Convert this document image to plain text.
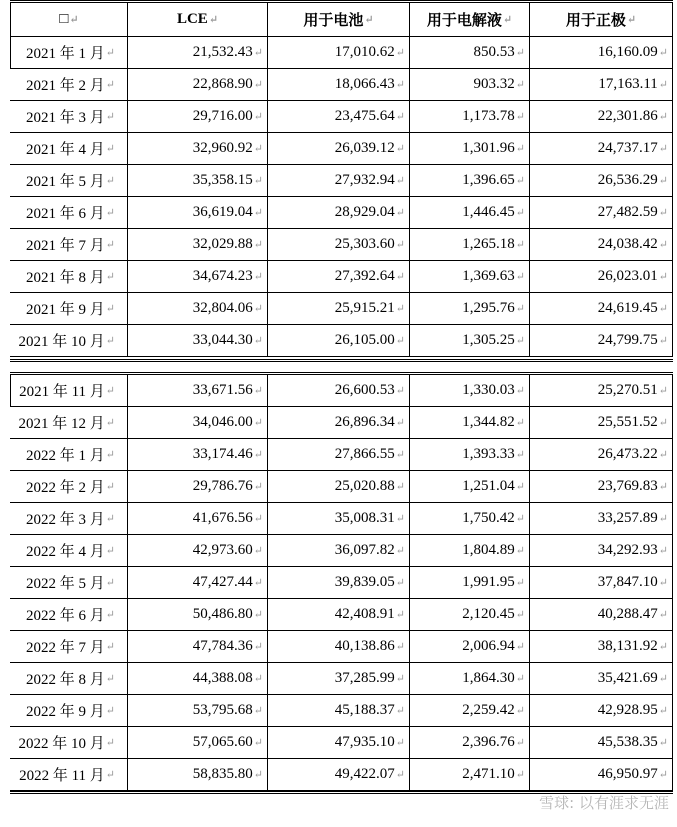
□ ↵	LCE ↵	用于电池 ↵	用于电解液 ↵	用于正极 ↵
2021 年 1 月 ↵	21,532.43 ↵	17,010.62 ↵	850.53 ↵	16,160.09 ↵
2021 年 2 月 ↵	22,868.90 ↵	18,066.43 ↵	903.32 ↵	17,163.11 ↵
2021 年 3 月 ↵	29,716.00 ↵	23,475.64 ↵	1,173.78 ↵	22,301.86 ↵
2021 年 4 月 ↵	32,960.92 ↵	26,039.12 ↵	1,301.96 ↵	24,737.17 ↵
2021 年 5 月 ↵	35,358.15 ↵	27,932.94 ↵	1,396.65 ↵	26,536.29 ↵
2021 年 6 月 ↵	36,619.04 ↵	28,929.04 ↵	1,446.45 ↵	27,482.59 ↵
2021 年 7 月 ↵	32,029.88 ↵	25,303.60 ↵	1,265.18 ↵	24,038.42 ↵
2021 年 8 月 ↵	34,674.23 ↵	27,392.64 ↵	1,369.63 ↵	26,023.01 ↵
2021 年 9 月 ↵	32,804.06 ↵	25,915.21 ↵	1,295.76 ↵	24,619.45 ↵
2021 年 10 月 ↵	33,044.30 ↵	26,105.00 ↵	1,305.25 ↵	24,799.75 ↵
2021 年 11 月 ↵	33,671.56 ↵	26,600.53 ↵	1,330.03 ↵	25,270.51 ↵
2021 年 12 月 ↵	34,046.00 ↵	26,896.34 ↵	1,344.82 ↵	25,551.52 ↵
2022 年 1 月 ↵	33,174.46 ↵	27,866.55 ↵	1,393.33 ↵	26,473.22 ↵
2022 年 2 月 ↵	29,786.76 ↵	25,020.88 ↵	1,251.04 ↵	23,769.83 ↵
2022 年 3 月 ↵	41,676.56 ↵	35,008.31 ↵	1,750.42 ↵	33,257.89 ↵
2022 年 4 月 ↵	42,973.60 ↵	36,097.82 ↵	1,804.89 ↵	34,292.93 ↵
2022 年 5 月 ↵	47,427.44 ↵	39,839.05 ↵	1,991.95 ↵	37,847.10 ↵
2022 年 6 月 ↵	50,486.80 ↵	42,408.91 ↵	2,120.45 ↵	40,288.47 ↵
2022 年 7 月 ↵	47,784.36 ↵	40,138.86 ↵	2,006.94 ↵	38,131.92 ↵
2022 年 8 月 ↵	44,388.08 ↵	37,285.99 ↵	1,864.30 ↵	35,421.69 ↵
2022 年 9 月 ↵	53,795.68 ↵	45,188.37 ↵	2,259.42 ↵	42,928.95 ↵
2022 年 10 月 ↵	57,065.60 ↵	47,935.10 ↵	2,396.76 ↵	45,538.35 ↵
2022 年 11 月 ↵	58,835.80 ↵	49,422.07 ↵	2,471.10 ↵	46,950.97 ↵
雪球: 以有涯求无涯
